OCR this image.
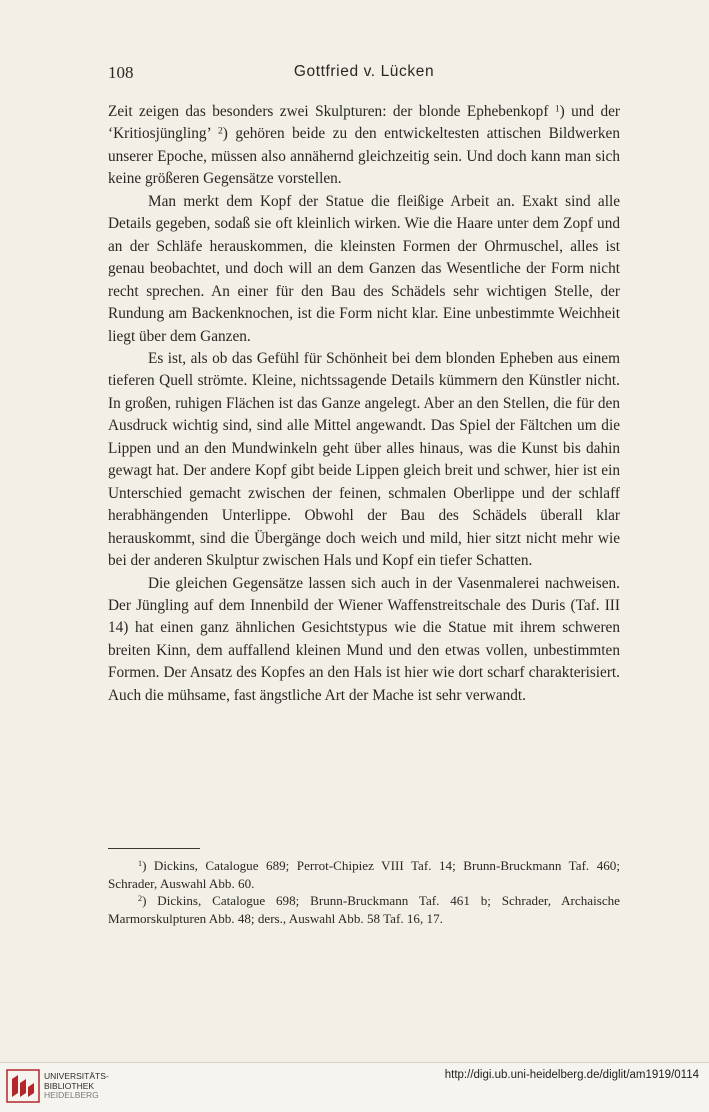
108	Gottfried v. Lücken

Zeit zeigen das besonders zwei Skulpturen: der blonde Ephebenkopf $^1$) und der ‘Kritiosjüngling’ $^2$) gehören beide zu den entwickeltesten attischen Bildwerken unserer Epoche, müssen also annähernd gleichzeitig sein. Und doch kann man sich keine größeren Gegensätze vorstellen.

Man merkt dem Kopf der Statue die fleißige Arbeit an. Exakt sind alle Details gegeben, sodaß sie oft kleinlich wirken. Wie die Haare unter dem Zopf und an der Schläfe herauskommen, die kleinsten Formen der Ohrmuschel, alles ist genau beobachtet, und doch will an dem Ganzen das Wesentliche der Form nicht recht sprechen. An einer für den Bau des Schädels sehr wichtigen Stelle, der Rundung am Backenknochen, ist die Form nicht klar. Eine unbestimmte Weichheit liegt über dem Ganzen.

Es ist, als ob das Gefühl für Schönheit bei dem blonden Epheben aus einem tieferen Quell strömte. Kleine, nichtssagende Details kümmern den Künstler nicht. In großen, ruhigen Flächen ist das Ganze angelegt. Aber an den Stellen, die für den Ausdruck wichtig sind, sind alle Mittel angewandt. Das Spiel der Fältchen um die Lippen und an den Mundwinkeln geht über alles hinaus, was die Kunst bis dahin gewagt hat. Der andere Kopf gibt beide Lippen gleich breit und schwer, hier ist ein Unterschied gemacht zwischen der feinen, schmalen Oberlippe und der schlaff herabhängenden Unterlippe. Obwohl der Bau des Schädels überall klar herauskommt, sind die Übergänge doch weich und mild, hier sitzt nicht mehr wie bei der anderen Skulptur zwischen Hals und Kopf ein tiefer Schatten.

Die gleichen Gegensätze lassen sich auch in der Vasenmalerei nachweisen. Der Jüngling auf dem Innenbild der Wiener Waffenstreitschale des Duris (Taf. III 14) hat einen ganz ähnlichen Gesichtstypus wie die Statue mit ihrem schweren breiten Kinn, dem auffallend kleinen Mund und den etwas vollen, unbestimmten Formen. Der Ansatz des Kopfes an den Hals ist hier wie dort scharf charakterisiert. Auch die mühsame, fast ängstliche Art der Mache ist sehr verwandt.

$^1$) Dickins, Catalogue 689; Perrot-Chipiez VIII Taf. 14; Brunn-Bruckmann Taf. 460; Schrader, Auswahl Abb. 60.

$^2$) Dickins, Catalogue 698; Brunn-Bruckmann Taf. 461 b; Schrader, Archaische Marmorskulpturen Abb. 48; ders., Auswahl Abb. 58 Taf. 16, 17.

UNIVERSITÄTS-
BIBLIOTHEK
HEIDELBERG
http://digi.ub.uni-heidelberg.de/diglit/am1919/0114
